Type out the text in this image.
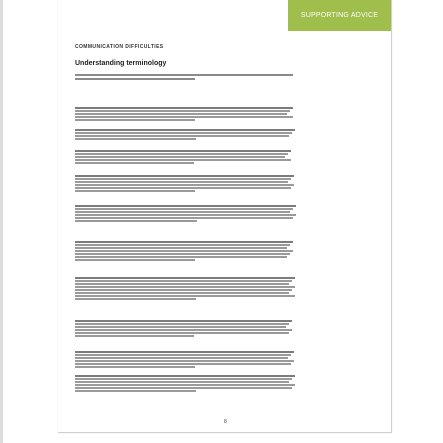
SUPPORTING ADVICE
COMMUNICATION DIFFICULTIES
Understanding terminology
8
